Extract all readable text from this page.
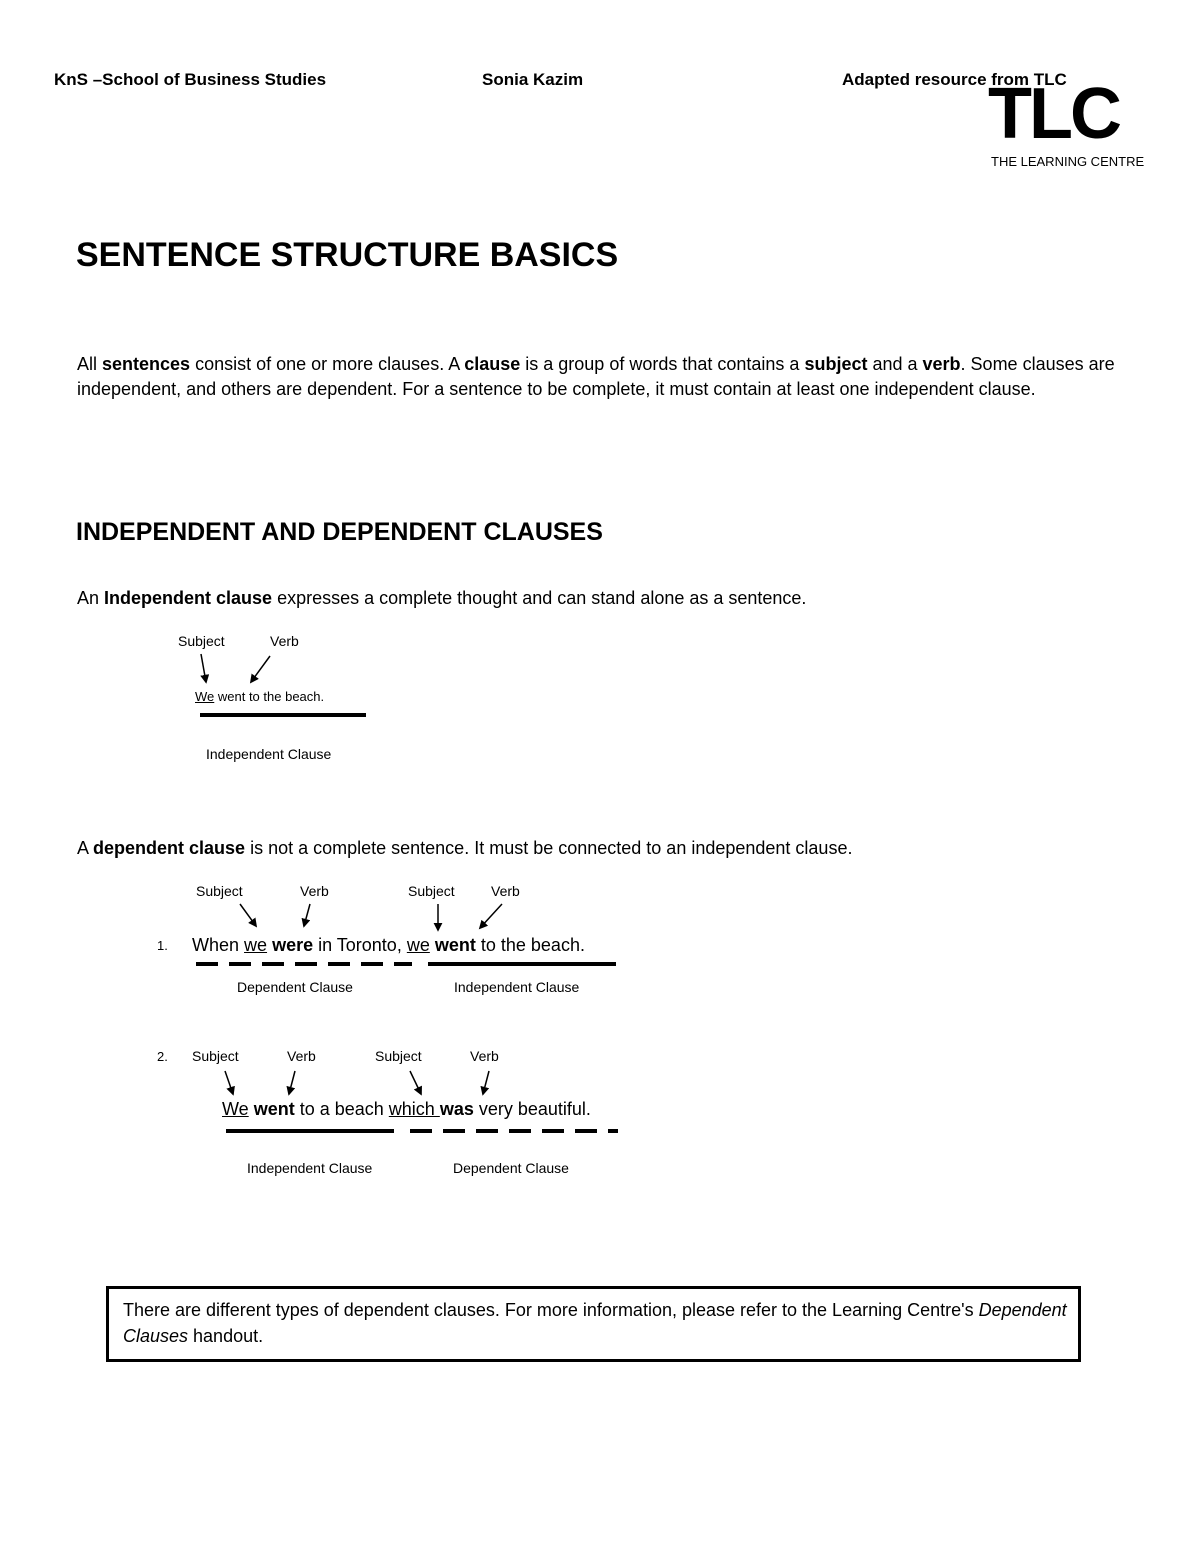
KnS –School of Business Studies	Sonia Kazim	Adapted resource from TLC
TLC
THE LEARNING CENTRE
SENTENCE STRUCTURE BASICS
All sentences consist of one or more clauses. A clause is a group of words that contains a subject and a verb. Some clauses are independent, and others are dependent. For a sentence to be complete, it must contain at least one independent clause.
INDEPENDENT AND DEPENDENT CLAUSES
An Independent clause expresses a complete thought and can stand alone as a sentence.
Subject	Verb
We went to the beach.
Independent Clause
A dependent clause is not a complete sentence. It must be connected to an independent clause.
Subject	Verb	Subject	Verb
1. When we were in Toronto, we went to the beach.
Dependent Clause	Independent Clause
2. Subject	Verb	Subject	Verb
We went to a beach which was very beautiful.
Independent Clause	Dependent Clause
There are different types of dependent clauses. For more information, please refer to the Learning Centre's Dependent Clauses handout.
